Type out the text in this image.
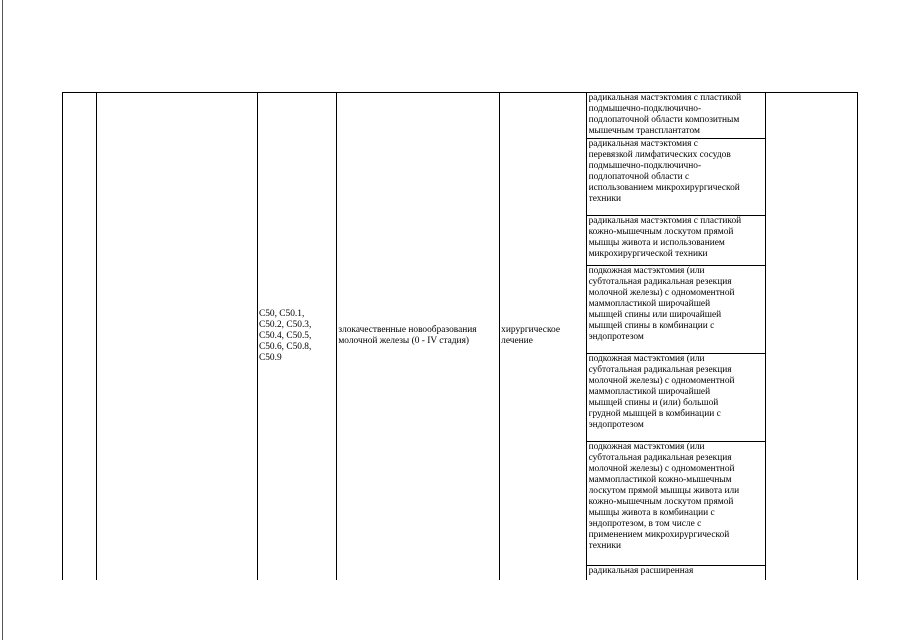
C50, C50.1,
C50.2, C50.3,
C50.4, C50.5,
C50.6, C50.8,
C50.9

злокачественные новообразования
молочной железы (0 - IV стадия)

хирургическое
лечение

радикальная мастэктомия с пластикой
подмышечно-подключично-
подлопаточной области композитным
мышечным трансплантатом

радикальная мастэктомия с
перевязкой лимфатических сосудов
подмышечно-подключично-
подлопаточной области с
использованием микрохирургической
техники

радикальная мастэктомия с пластикой
кожно-мышечным лоскутом прямой
мышцы живота и использованием
микрохирургической техники

подкожная мастэктомия (или
субтотальная радикальная резекция
молочной железы) с одномоментной
маммопластикой широчайшей
мышцей спины или широчайшей
мышцей спины в комбинации с
эндопротезом

подкожная мастэктомия (или
субтотальная радикальная резекция
молочной железы) с одномоментной
маммопластикой широчайшей
мышцей спины и (или) большой
грудной мышцей в комбинации с
эндопротезом

подкожная мастэктомия (или
субтотальная радикальная резекция
молочной железы) с одномоментной
маммопластикой кожно-мышечным
лоскутом прямой мышцы живота или
кожно-мышечным лоскутом прямой
мышцы живота в комбинации с
эндопротезом, в том числе с
применением микрохирургической
техники

радикальная расширенная
